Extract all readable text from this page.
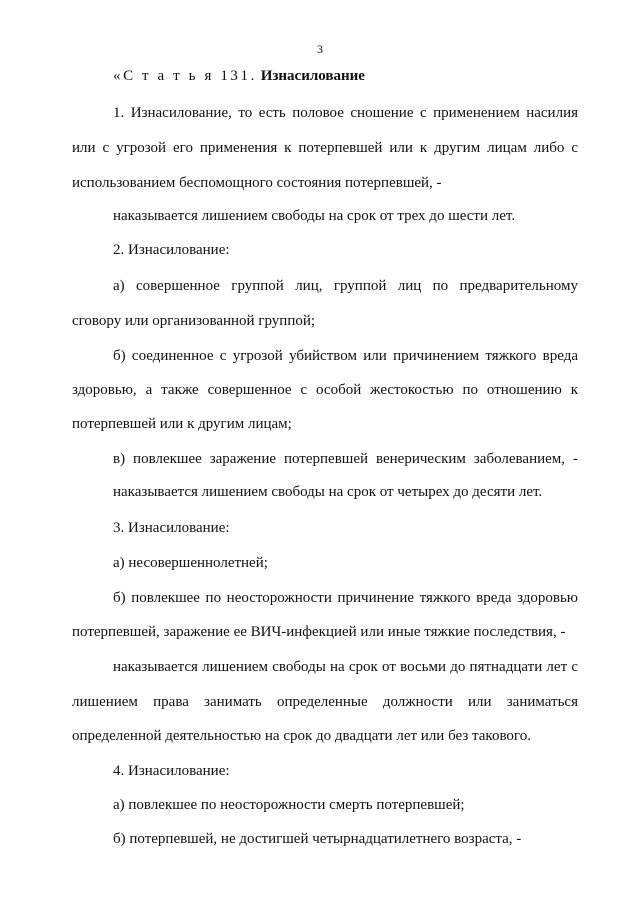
3
«С т а т ь я 131. Изнасилование
1. Изнасилование, то есть половое сношение с применением насилия
или с угрозой его применения к потерпевшей или к другим лицам либо с
использованием беспомощного состояния потерпевшей, -
наказывается лишением свободы на срок от трех до шести лет.
2. Изнасилование:
а) совершенное группой лиц, группой лиц по предварительному
сговору или организованной группой;
б) соединенное с угрозой убийством или причинением тяжкого вреда
здоровью, а также совершенное с особой жестокостью по отношению к
потерпевшей или к другим лицам;
в) повлекшее заражение потерпевшей венерическим заболеванием, -
наказывается лишением свободы на срок от четырех до десяти лет.
3. Изнасилование:
а) несовершеннолетней;
б) повлекшее по неосторожности причинение тяжкого вреда здоровью
потерпевшей, заражение ее ВИЧ-инфекцией или иные тяжкие последствия, -
наказывается лишением свободы на срок от восьми до пятнадцати лет с
лишением права занимать определенные должности или заниматься
определенной деятельностью на срок до двадцати лет или без такового.
4. Изнасилование:
а) повлекшее по неосторожности смерть потерпевшей;
б) потерпевшей, не достигшей четырнадцатилетнего возраста, -
